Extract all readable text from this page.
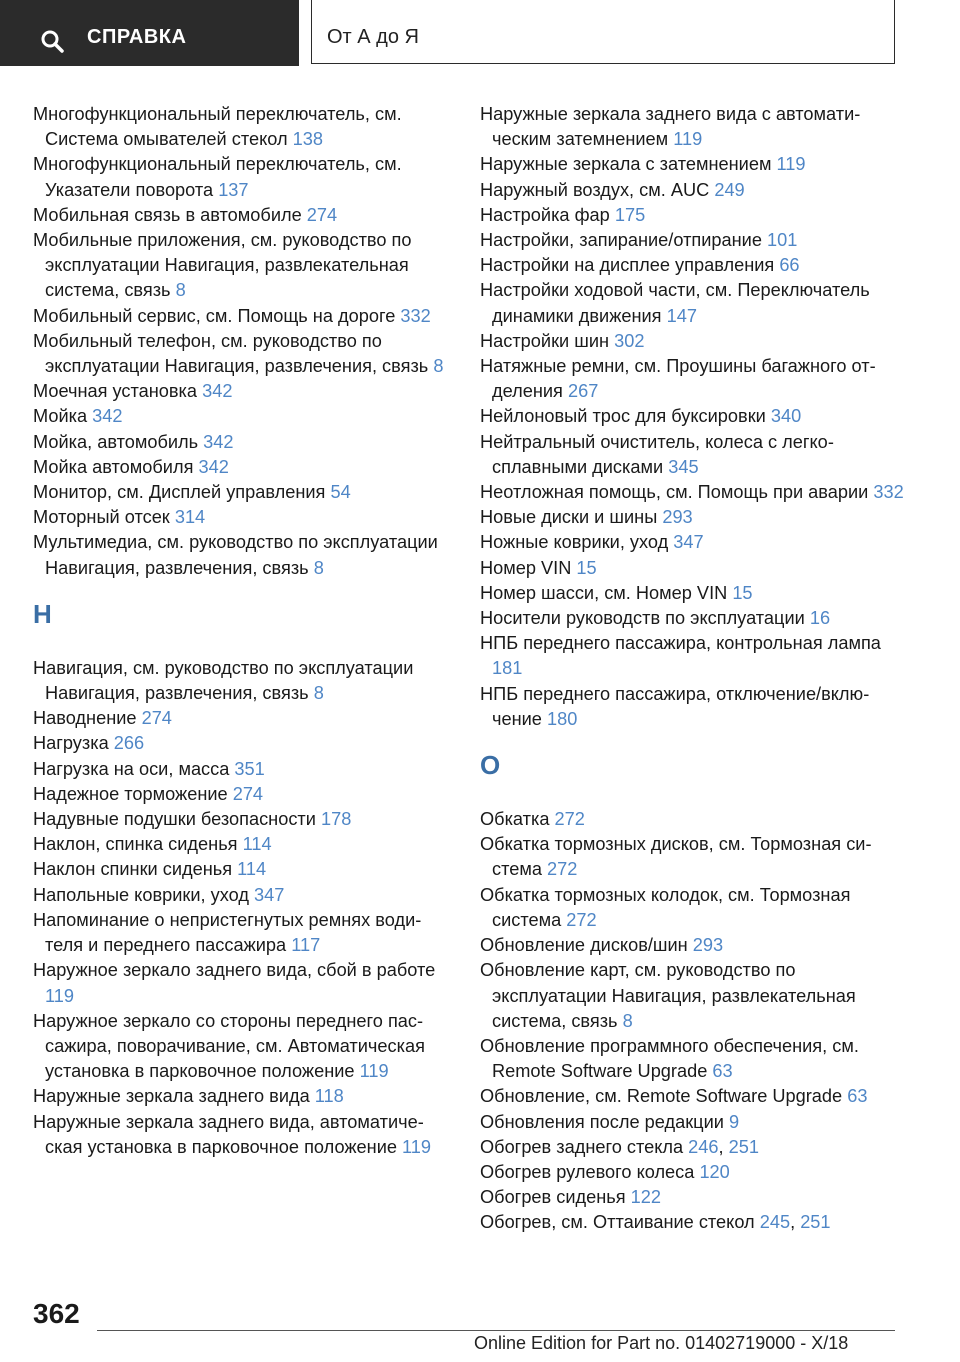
СПРАВКА	От А до Я
Многофункциональный переключатель, см. Система омывателей стекол 138
Многофункциональный переключатель, см. Указатели поворота 137
Мобильная связь в автомобиле 274
Мобильные приложения, см. руководство по эксплуатации Навигация, развлекательная система, связь 8
Мобильный сервис, см. Помощь на дороге 332
Мобильный телефон, см. руководство по эксплуатации Навигация, развлечения, связь 8
Моечная установка 342
Мойка 342
Мойка, автомобиль 342
Мойка автомобиля 342
Монитор, см. Дисплей управления 54
Моторный отсек 314
Мультимедиа, см. руководство по эксплуатации Навигация, развлечения, связь 8
Н
Навигация, см. руководство по эксплуатации Навигация, развлечения, связь 8
Наводнение 274
Нагрузка 266
Нагрузка на оси, масса 351
Надежное торможение 274
Надувные подушки безопасности 178
Наклон, спинка сиденья 114
Наклон спинки сиденья 114
Напольные коврики, уход 347
Напоминание о непристегнутых ремнях водителя и переднего пассажира 117
Наружное зеркало заднего вида, сбой в работе 119
Наружное зеркало со стороны переднего пассажира, поворачивание, см. Автоматическая установка в парковочное положение 119
Наружные зеркала заднего вида 118
Наружные зеркала заднего вида, автоматическая установка в парковочное положение 119
Наружные зеркала заднего вида с автоматическим затемнением 119
Наружные зеркала с затемнением 119
Наружный воздух, см. AUC 249
Настройка фар 175
Настройки, запирание/отпирание 101
Настройки на дисплее управления 66
Настройки ходовой части, см. Переключатель динамики движения 147
Настройки шин 302
Натяжные ремни, см. Проушины багажного отделения 267
Нейлоновый трос для буксировки 340
Нейтральный очиститель, колеса с легкосплавными дисками 345
Неотложная помощь, см. Помощь при аварии 332
Новые диски и шины 293
Ножные коврики, уход 347
Номер VIN 15
Номер шасси, см. Номер VIN 15
Носители руководств по эксплуатации 16
НПБ переднего пассажира, контрольная лампа 181
НПБ переднего пассажира, отключение/включение 180
О
Обкатка 272
Обкатка тормозных дисков, см. Тормозная система 272
Обкатка тормозных колодок, см. Тормозная система 272
Обновление дисков/шин 293
Обновление карт, см. руководство по эксплуатации Навигация, развлекательная система, связь 8
Обновление программного обеспечения, см. Remote Software Upgrade 63
Обновление, см. Remote Software Upgrade 63
Обновления после редакции 9
Обогрев заднего стекла 246, 251
Обогрев рулевого колеса 120
Обогрев сиденья 122
Обогрев, см. Оттаивание стекол 245, 251
362
Online Edition for Part no. 01402719000 - X/18
